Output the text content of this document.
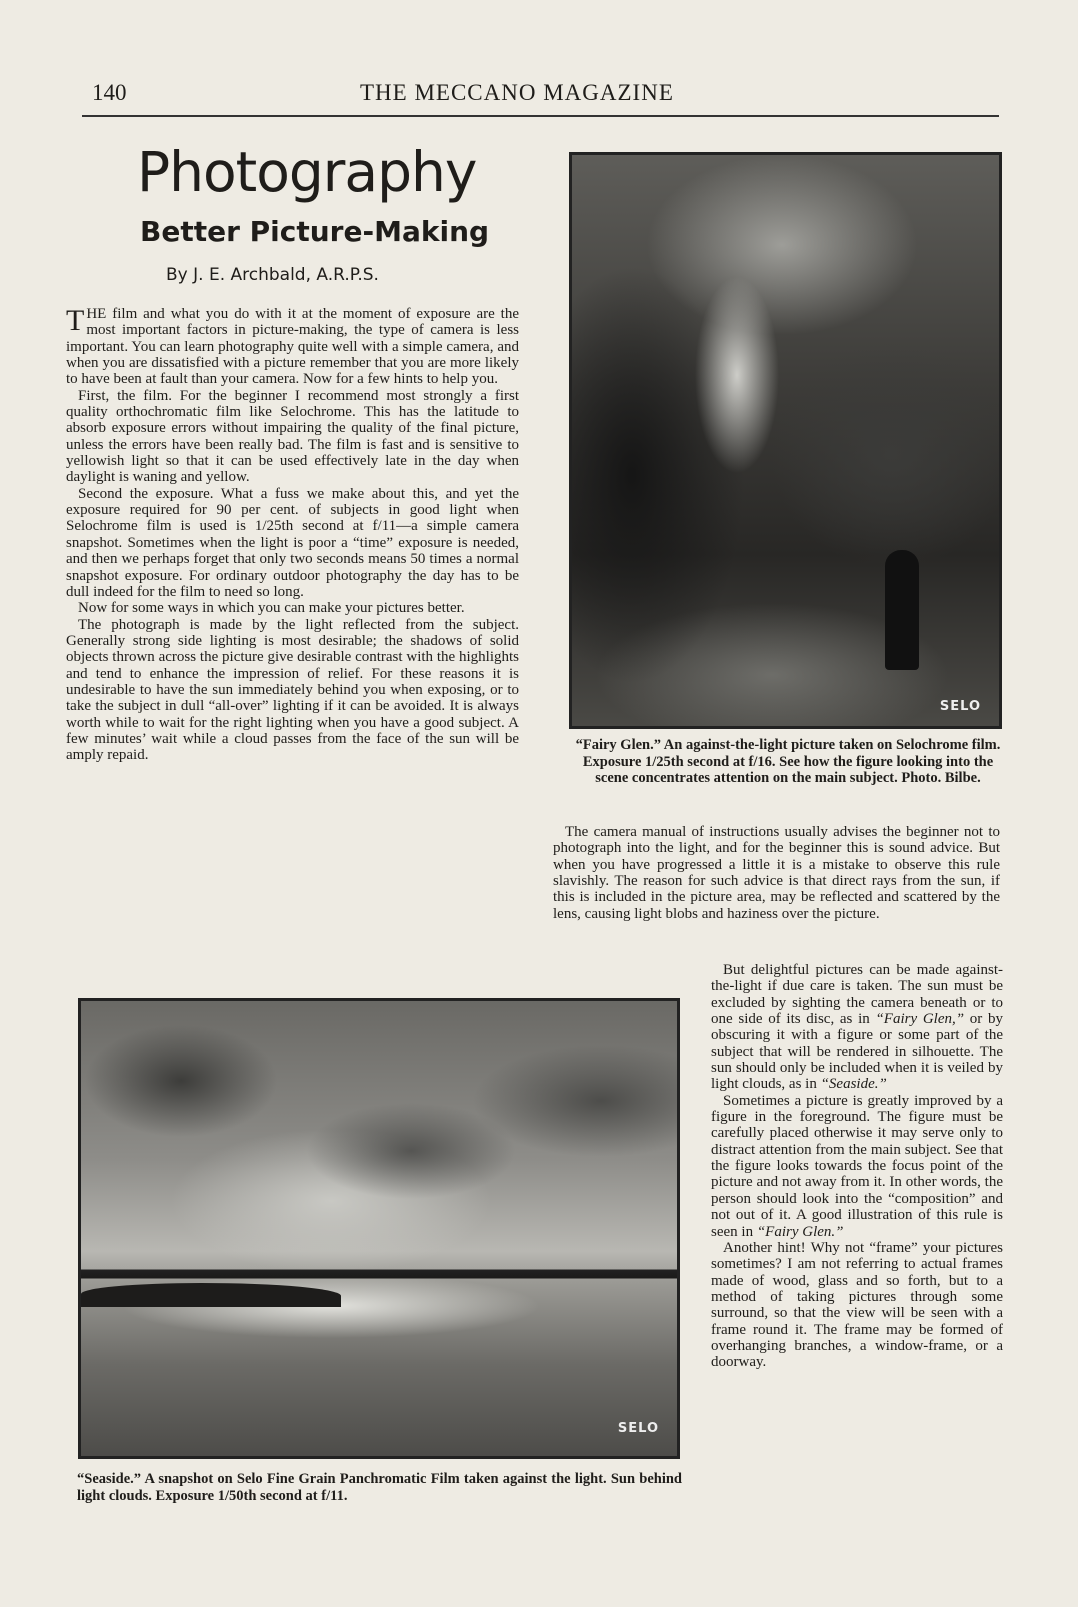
140	THE MECCANO MAGAZINE
Photography
Better Picture-Making
By J. E. Archbald, A.R.P.S.

THE film and what you do with it at the moment of exposure are the most important factors in picture-making, the type of camera is less important. You can learn photography quite well with a simple camera, and when you are dissatisfied with a picture remember that you are more likely to have been at fault than your camera. Now for a few hints to help you.

First, the film. For the beginner I recommend most strongly a first quality orthochromatic film like Selochrome. This has the latitude to absorb exposure errors without impairing the quality of the final picture, unless the errors have been really bad. The film is fast and is sensitive to yellowish light so that it can be used effectively late in the day when daylight is waning and yellow.

Second the exposure. What a fuss we make about this, and yet the exposure required for 90 per cent. of subjects in good light when Selochrome film is used is 1/25th second at f/11—a simple camera snapshot. Sometimes when the light is poor a “time” exposure is needed, and then we perhaps forget that only two seconds means 50 times a normal snapshot exposure. For ordinary outdoor photography the day has to be dull indeed for the film to need so long.

Now for some ways in which you can make your pictures better.

The photograph is made by the light reflected from the subject. Generally strong side lighting is most desirable; the shadows of solid objects thrown across the picture give desirable contrast with the highlights and tend to enhance the impression of relief. For these reasons it is undesirable to have the sun immediately behind you when exposing, or to take the subject in dull “all-over” lighting if it can be avoided. It is always worth while to wait for the right lighting when you have a good subject. A few minutes’ wait while a cloud passes from the face of the sun will be amply repaid.

SELO
“Fairy Glen.” An against-the-light picture taken on Selochrome film. Exposure 1/25th second at f/16. See how the figure looking into the scene concentrates attention on the main subject. Photo. Bilbe.

The camera manual of instructions usually advises the beginner not to photograph into the light, and for the beginner this is sound advice. But when you have progressed a little it is a mistake to observe this rule slavishly. The reason for such advice is that direct rays from the sun, if this is included in the picture area, may be reflected and scattered by the lens, causing light blobs and haziness over the picture.

SELO
“Seaside.” A snapshot on Selo Fine Grain Panchromatic Film taken against the light. Sun behind light clouds. Exposure 1/50th second at f/11.

But delightful pictures can be made against-the-light if due care is taken. The sun must be excluded by sighting the camera beneath or to one side of its disc, as in “Fairy Glen,” or by obscuring it with a figure or some part of the subject that will be rendered in silhouette. The sun should only be included when it is veiled by light clouds, as in “Seaside.”

Sometimes a picture is greatly improved by a figure in the foreground. The figure must be carefully placed otherwise it may serve only to distract attention from the main subject. See that the figure looks towards the focus point of the picture and not away from it. In other words, the person should look into the “composition” and not out of it. A good illustration of this rule is seen in “Fairy Glen.”

Another hint! Why not “frame” your pictures sometimes? I am not referring to actual frames made of wood, glass and so forth, but to a method of taking pictures through some surround, so that the view will be seen with a frame round it. The frame may be formed of overhanging branches, a window-frame, or a doorway.
